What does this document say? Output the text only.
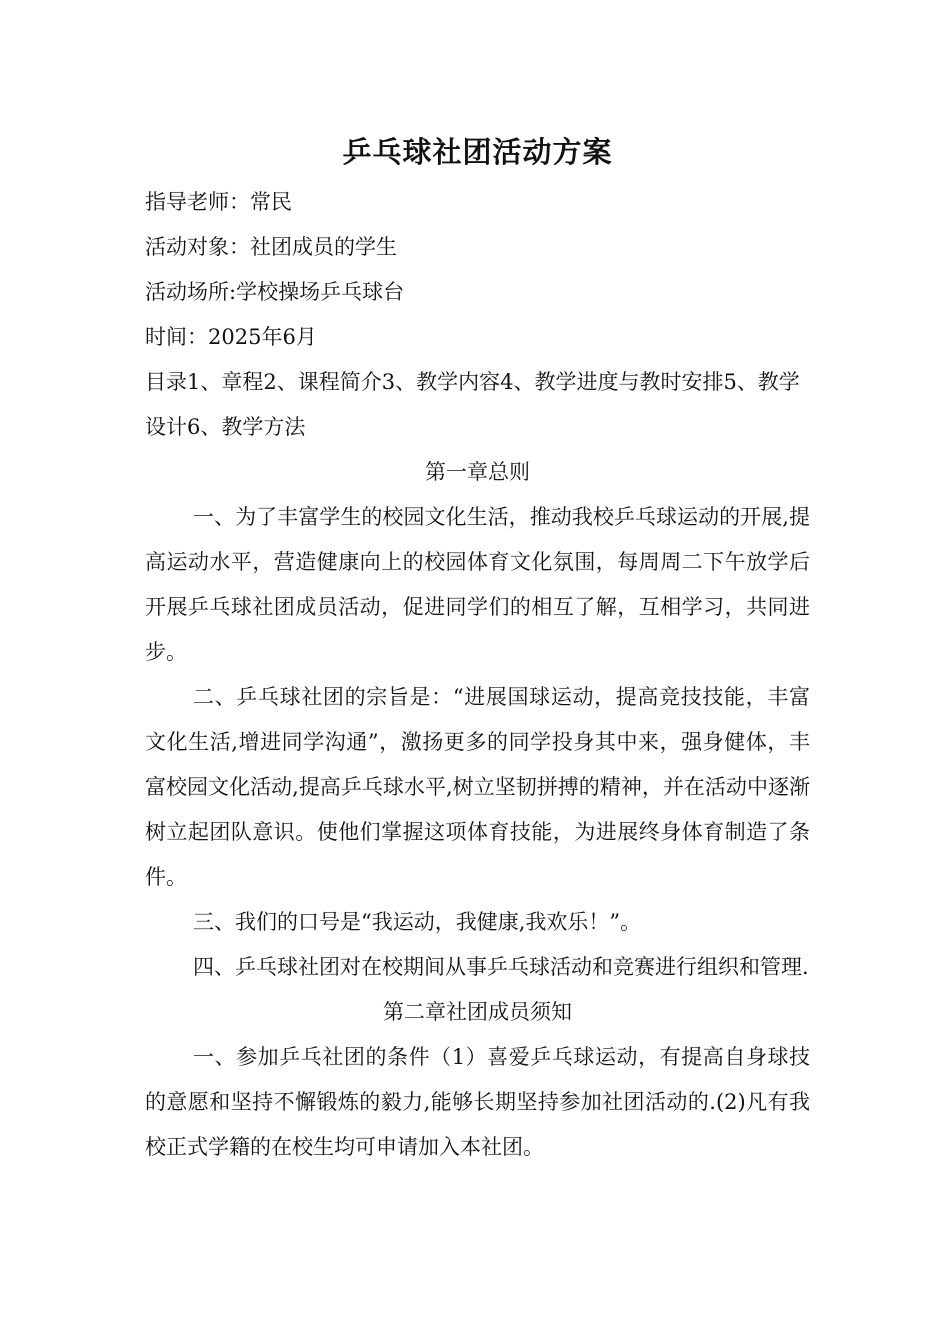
乒乓球社团活动方案

指导老师：常民

活动对象：社团成员的学生

活动场所:学校操场乒乓球台

时间：2025年6月

目录1、章程2、课程简介3、教学内容4、教学进度与教时安排5、教学设计6、教学方法

第一章总则

一、为了丰富学生的校园文化生活，推动我校乒乓球运动的开展,提高运动水平，营造健康向上的校园体育文化氛围，每周周二下午放学后开展乒乓球社团成员活动，促进同学们的相互了解，互相学习，共同进步。

二、乒乓球社团的宗旨是：“进展国球运动，提高竞技技能，丰富文化生活,增进同学沟通”，激扬更多的同学投身其中来，强身健体，丰富校园文化活动,提高乒乓球水平,树立坚韧拼搏的精神，并在活动中逐渐树立起团队意识。使他们掌握这项体育技能，为进展终身体育制造了条件。

三、我们的口号是“我运动，我健康,我欢乐！”。

四、乒乓球社团对在校期间从事乒乓球活动和竞赛进行组织和管理.

第二章社团成员须知

一、参加乒乓社团的条件（1）喜爱乒乓球运动，有提高自身球技的意愿和坚持不懈锻炼的毅力,能够长期坚持参加社团活动的.(2)凡有我校正式学籍的在校生均可申请加入本社团。
